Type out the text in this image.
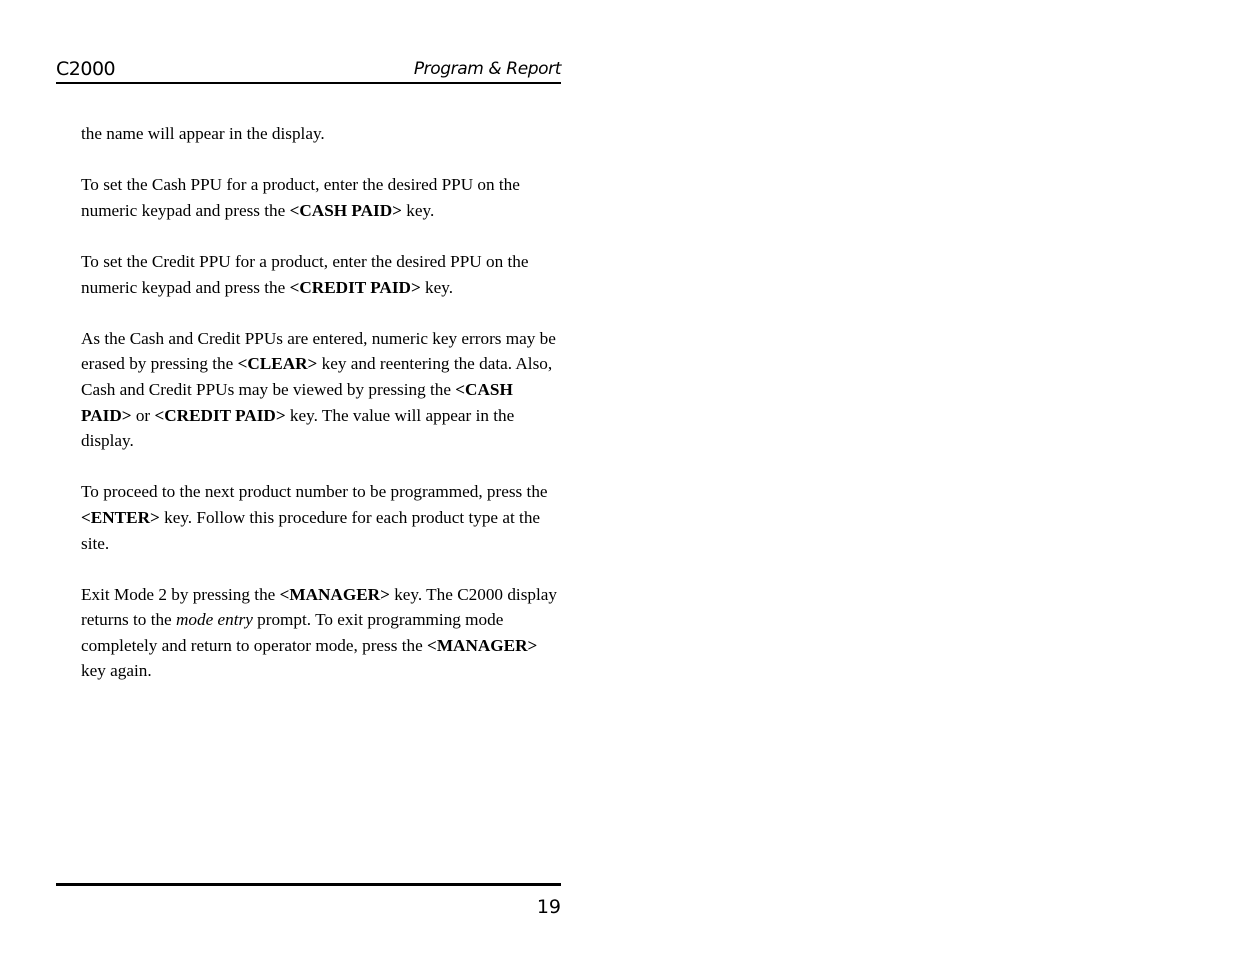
C2000	Program & Report

the name will appear in the display.

To set the Cash PPU for a product, enter the desired PPU on the numeric keypad and press the <CASH PAID> key.

To set the Credit PPU for a product, enter the desired PPU on the numeric keypad and press the <CREDIT PAID> key.

As the Cash and Credit PPUs are entered, numeric key errors may be erased by pressing the <CLEAR> key and reentering the data. Also, Cash and Credit PPUs may be viewed by pressing the <CASH PAID> or <CREDIT PAID> key. The value will appear in the display.

To proceed to the next product number to be programmed, press the <ENTER> key. Follow this procedure for each product type at the site.

Exit Mode 2 by pressing the <MANAGER> key. The C2000 display returns to the mode entry prompt. To exit programming mode completely and return to operator mode, press the <MANAGER> key again.

19
